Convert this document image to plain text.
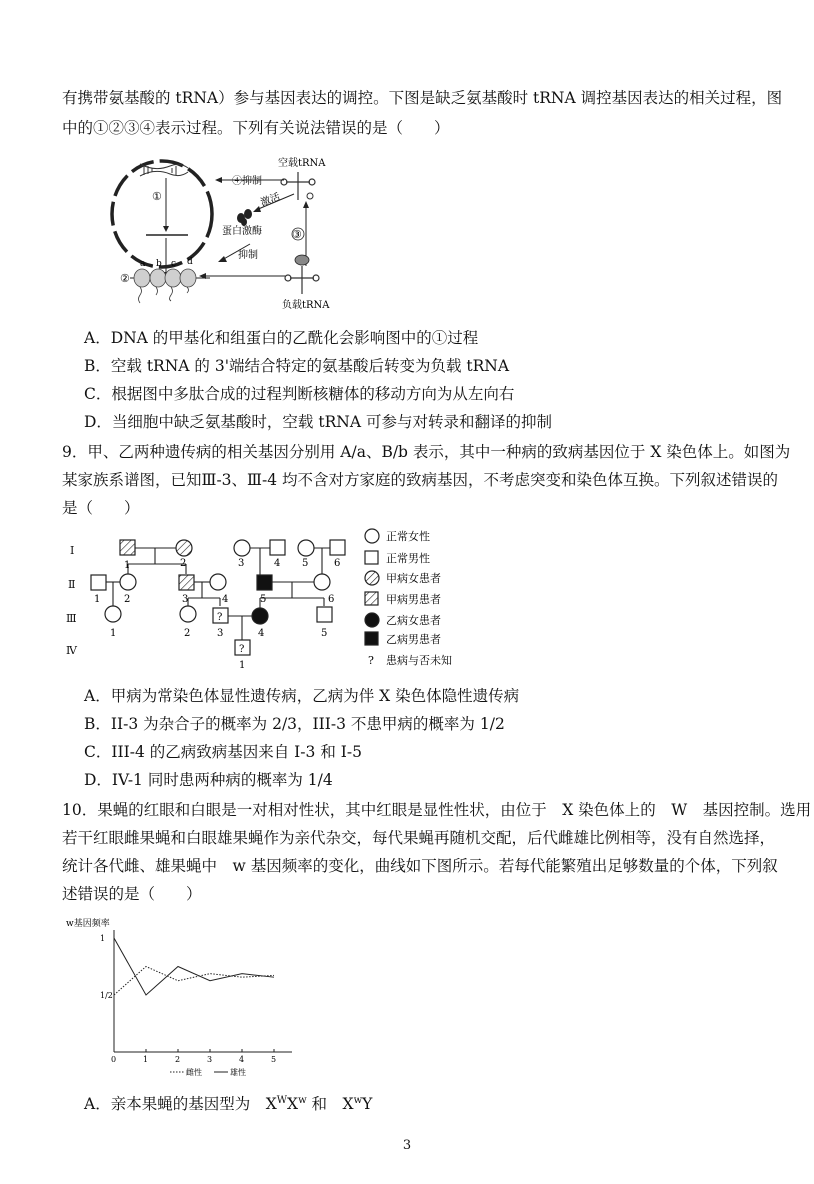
有携带氨基酸的 tRNA）参与基因表达的调控。下图是缺乏氨基酸时 tRNA 调控基因表达的相关过程，图
中的①②③④表示过程。下列有关说法错误的是（　　）
①
②
a b c d
蛋白激酶
抑制
空载tRNA
④抑制
激活
③
负载tRNA
A．DNA 的甲基化和组蛋白的乙酰化会影响图中的①过程
B．空载 tRNA 的 3'端结合特定的氨基酸后转变为负载 tRNA
C．根据图中多肽合成的过程判断核糖体的移动方向为从左向右
D．当细胞中缺乏氨基酸时，空载 tRNA 可参与对转录和翻译的抑制
9．甲、乙两种遗传病的相关基因分别用 A/a、B/b 表示，其中一种病的致病基因位于 X 染色体上。如图为
某家族系谱图，已知Ⅲ-3、Ⅲ-4 均不含对方家庭的致病基因，不考虑突变和染色体互换。下列叙述错误的
是（　　）
Ⅰ
Ⅱ
Ⅲ
Ⅳ
1	2	3	4 5	6
1 2	3	4	5	6
?
1	2	3	4	5
?
1
正常女性
正常男性
甲病女患者
甲病男患者
乙病女患者
乙病男患者
? 患病与否未知
A．甲病为常染色体显性遗传病，乙病为伴 X 染色体隐性遗传病
B．II-3 为杂合子的概率为 2/3，III-3 不患甲病的概率为 1/2
C．III-4 的乙病致病基因来自 I-3 和 I-5
D．IV-1 同时患两种病的概率为 1/4
10．果蝇的红眼和白眼是一对相对性状，其中红眼是显性性状，由位于　X 染色体上的　W　基因控制。选用
若干红眼雌果蝇和白眼雄果蝇作为亲代杂交，每代果蝇再随机交配，后代雌雄比例相等，没有自然选择，
统计各代雌、雄果蝇中　w 基因频率的变化，曲线如下图所示。若每代能繁殖出足够数量的个体，下列叙
述错误的是（　　）
w基因频率
0	1	2	3	4	5
1
1/2
雌性	雄性
A．亲本果蝇的基因型为　$X^WX^w$ 和　$X^wY$
3
